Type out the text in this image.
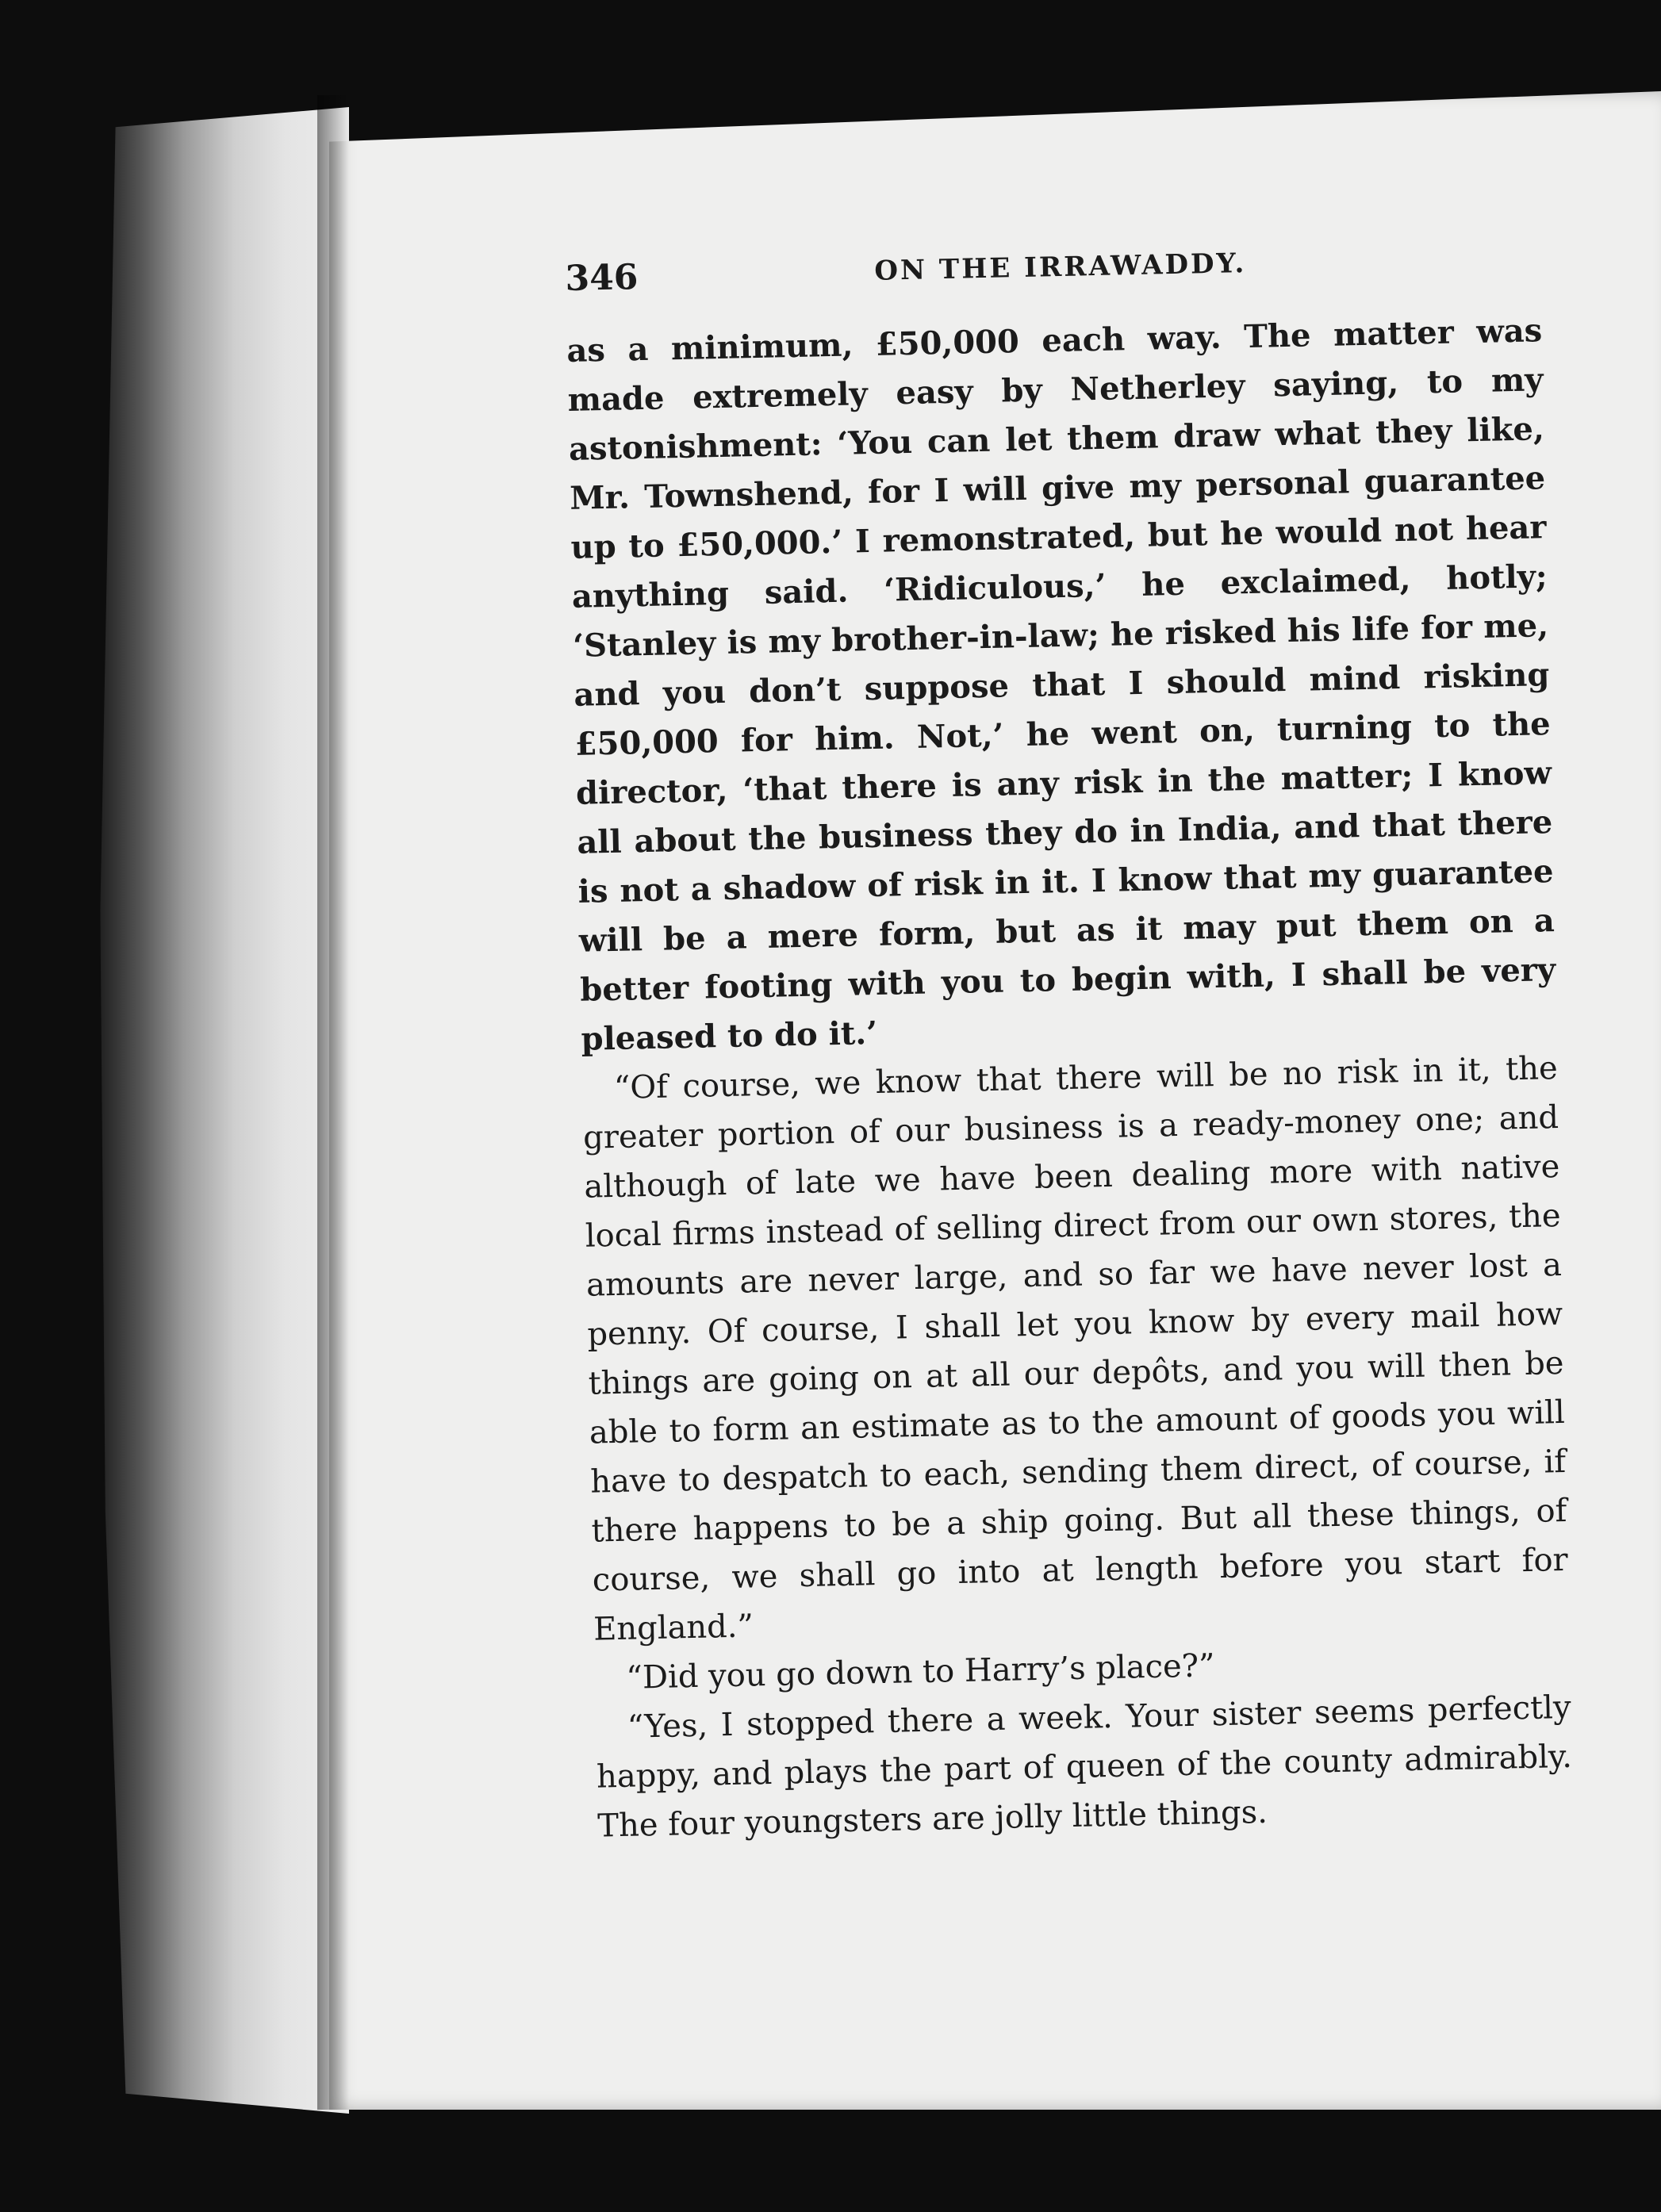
346	ON THE IRRAWADDY.

as a minimum, £50,000 each way. The matter was made extremely easy by Netherley saying, to my astonishment: ‘You can let them draw what they like, Mr. Townshend, for I will give my personal guarantee up to £50,000.’ I remonstrated, but he would not hear anything said. ‘Ridiculous,’ he exclaimed, hotly; ‘Stanley is my brother-in-law; he risked his life for me, and you don’t suppose that I should mind risking £50,000 for him. Not,’ he went on, turning to the director, ‘that there is any risk in the matter; I know all about the business they do in India, and that there is not a shadow of risk in it. I know that my guarantee will be a mere form, but as it may put them on a better footing with you to begin with, I shall be very pleased to do it.’

“Of course, we know that there will be no risk in it, the greater portion of our business is a ready-money one; and although of late we have been dealing more with native local firms instead of selling direct from our own stores, the amounts are never large, and so far we have never lost a penny. Of course, I shall let you know by every mail how things are going on at all our depôts, and you will then be able to form an estimate as to the amount of goods you will have to despatch to each, sending them direct, of course, if there happens to be a ship going. But all these things, of course, we shall go into at length before you start for England.”

“Did you go down to Harry’s place?”

“Yes, I stopped there a week. Your sister seems perfectly happy, and plays the part of queen of the county admirably. The four youngsters are jolly little things.
